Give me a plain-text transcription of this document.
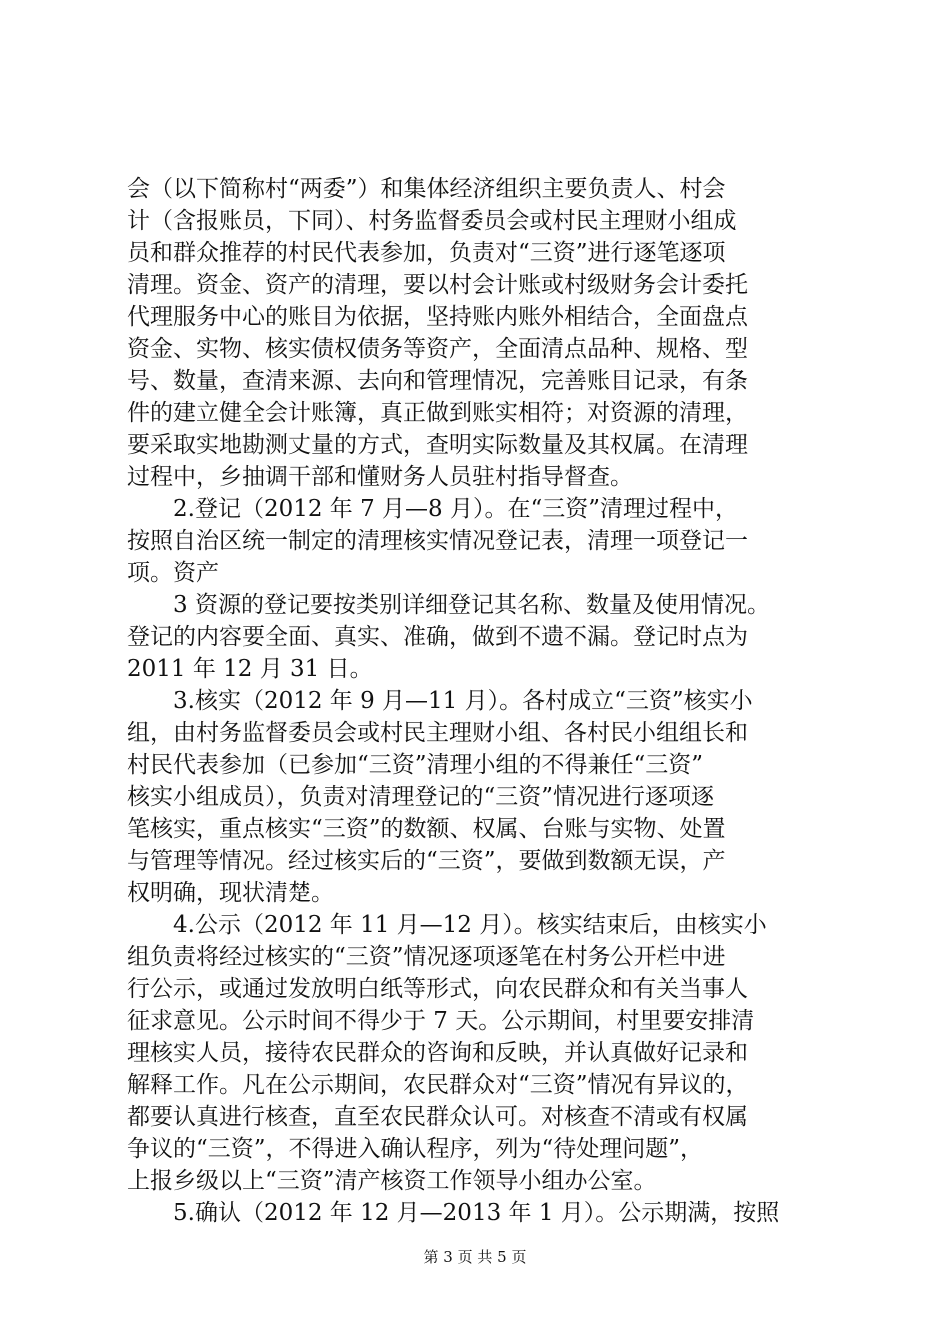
会（以下简称村“两委”）和集体经济组织主要负责人、村会
计（含报账员，下同）、村务监督委员会或村民主理财小组成
员和群众推荐的村民代表参加，负责对“三资”进行逐笔逐项
清理。资金、资产的清理，要以村会计账或村级财务会计委托
代理服务中心的账目为依据，坚持账内账外相结合，全面盘点
资金、实物、核实债权债务等资产，全面清点品种、规格、型
号、数量，查清来源、去向和管理情况，完善账目记录，有条
件的建立健全会计账簿，真正做到账实相符；对资源的清理，
要采取实地勘测丈量的方式，查明实际数量及其权属。在清理
过程中，乡抽调干部和懂财务人员驻村指导督查。
　　2.登记（2012 年 7 月—8 月）。在“三资”清理过程中，
按照自治区统一制定的清理核实情况登记表，清理一项登记一
项。资产
　　3 资源的登记要按类别详细登记其名称、数量及使用情况。
登记的内容要全面、真实、准确，做到不遗不漏。登记时点为
2011 年 12 月 31 日。
　　3.核实（2012 年 9 月—11 月）。各村成立“三资”核实小
组，由村务监督委员会或村民主理财小组、各村民小组组长和
村民代表参加（已参加“三资”清理小组的不得兼任“三资”
核实小组成员），负责对清理登记的“三资”情况进行逐项逐
笔核实，重点核实“三资”的数额、权属、台账与实物、处置
与管理等情况。经过核实后的“三资”，要做到数额无误，产
权明确，现状清楚。
　　4.公示（2012 年 11 月—12 月）。核实结束后，由核实小
组负责将经过核实的“三资”情况逐项逐笔在村务公开栏中进
行公示，或通过发放明白纸等形式，向农民群众和有关当事人
征求意见。公示时间不得少于 7 天。公示期间，村里要安排清
理核实人员，接待农民群众的咨询和反映，并认真做好记录和
解释工作。凡在公示期间，农民群众对“三资”情况有异议的，
都要认真进行核查，直至农民群众认可。对核查不清或有权属
争议的“三资”，不得进入确认程序，列为“待处理问题”，
上报乡级以上“三资”清产核资工作领导小组办公室。
　　5.确认（2012 年 12 月—2013 年 1 月）。公示期满，按照
第 3 页 共 5 页
